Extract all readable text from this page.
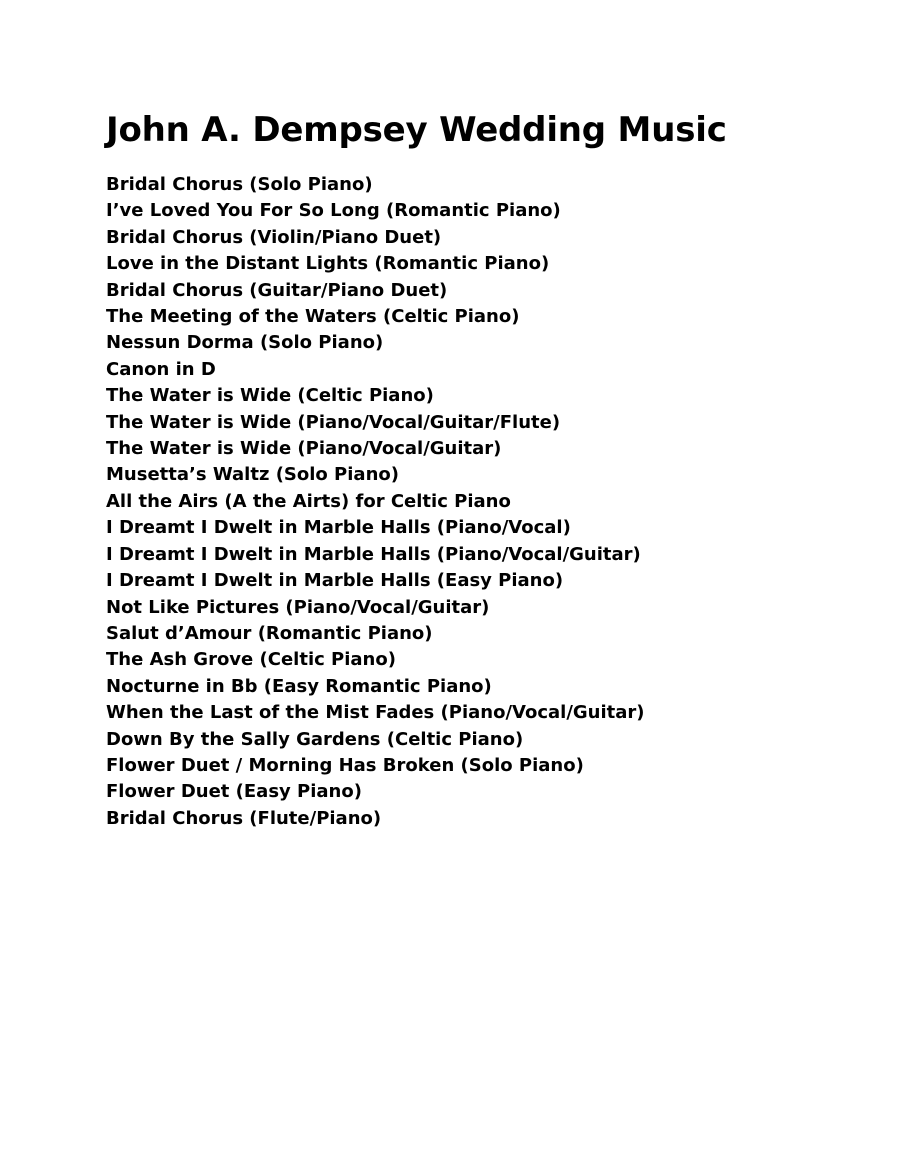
John A. Dempsey Wedding Music
Bridal Chorus (Solo Piano)
I’ve Loved You For So Long (Romantic Piano)
Bridal Chorus (Violin/Piano Duet)
Love in the Distant Lights (Romantic Piano)
Bridal Chorus (Guitar/Piano Duet)
The Meeting of the Waters (Celtic Piano)
Nessun Dorma (Solo Piano)
Canon in D
The Water is Wide (Celtic Piano)
The Water is Wide (Piano/Vocal/Guitar/Flute)
The Water is Wide (Piano/Vocal/Guitar)
Musetta’s Waltz (Solo Piano)
All the Airs (A the Airts) for Celtic Piano
I Dreamt I Dwelt in Marble Halls (Piano/Vocal)
I Dreamt I Dwelt in Marble Halls (Piano/Vocal/Guitar)
I Dreamt I Dwelt in Marble Halls (Easy Piano)
Not Like Pictures (Piano/Vocal/Guitar)
Salut d’Amour (Romantic Piano)
The Ash Grove (Celtic Piano)
Nocturne in Bb (Easy Romantic Piano)
When the Last of the Mist Fades (Piano/Vocal/Guitar)
Down By the Sally Gardens (Celtic Piano)
Flower Duet / Morning Has Broken (Solo Piano)
Flower Duet (Easy Piano)
Bridal Chorus (Flute/Piano)
